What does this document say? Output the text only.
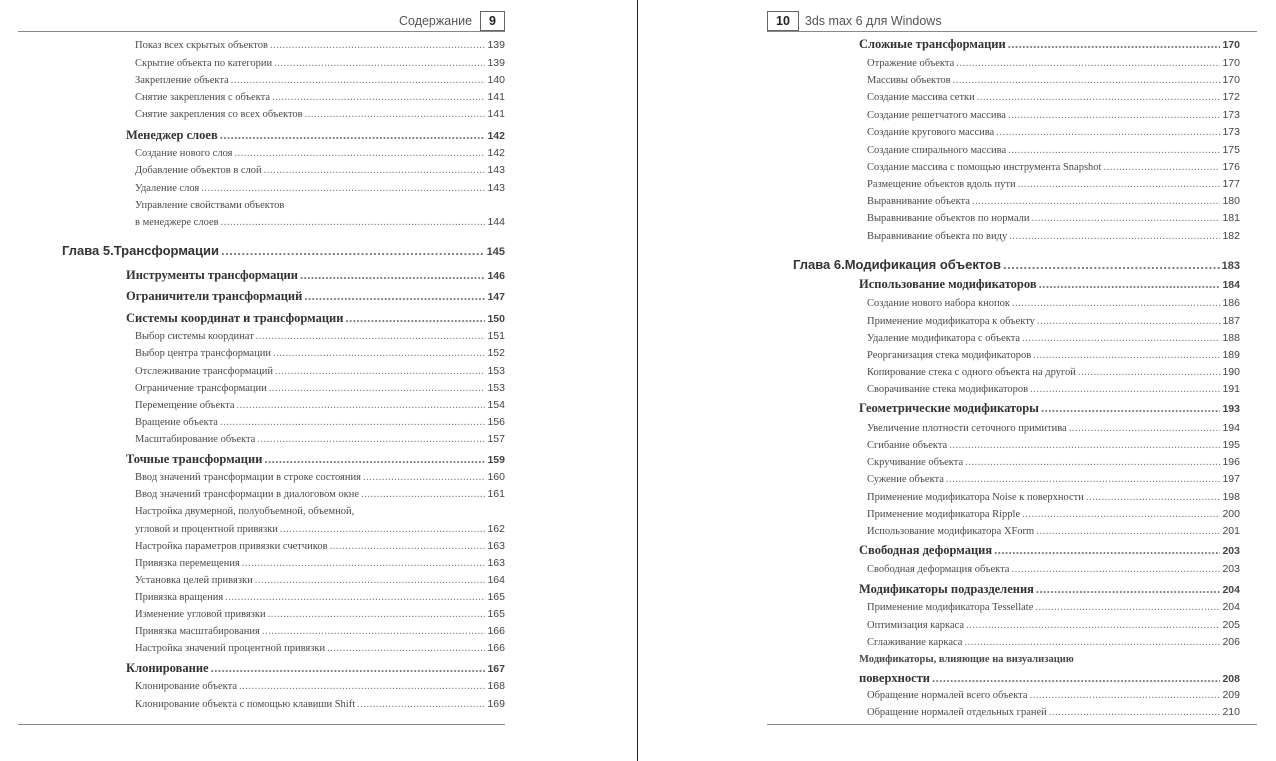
Содержание	9
Показ всех скрытых объектов .....	139
Скрытие объекта по категории .....	139
Закрепление объекта .....	140
Снятие закрепления с объекта .....	141
Снятие закрепления со всех объектов .....	141
Менеджер слоев .....	142
Создание нового слоя .....	142
Добавление объектов в слой .....	143
Удаление слоя .....	143
Управление свойствами объектов
в менеджере слоев .....	144
Глава 5. Трансформации .....	145
Инструменты трансформации .....	146
Ограничители трансформаций .....	147
Системы координат и трансформации .....	150
Выбор системы координат .....	151
Выбор центра трансформации .....	152
Отслеживание трансформаций .....	153
Ограничение трансформации .....	153
Перемещение объекта .....	154
Вращение объекта .....	156
Масштабирование объекта .....	157
Точные трансформации .....	159
Ввод значений трансформации в строке состояния .....	160
Ввод значений трансформации в диалоговом окне .....	161
Настройка двумерной, полуобъемной, объемной,
угловой и процентной привязки .....	162
Настройка параметров привязки счетчиков .....	163
Привязка перемещения .....	163
Установка целей привязки .....	164
Привязка вращения .....	165
Изменение угловой привязки .....	165
Привязка масштабирования .....	166
Настройка значений процентной привязки .....	166
Клонирование .....	167
Клонирование объекта .....	168
Клонирование объекта с помощью клавиши Shift .....	169
10	3ds max 6 для Windows
Сложные трансформации .....	170
Отражение объекта .....	170
Массивы объектов .....	170
Создание массива сетки .....	172
Создание решетчатого массива .....	173
Создание кругового массива .....	173
Создание спирального массива .....	175
Создание массива с помощью инструмента Snapshot .....	176
Размещение объектов вдоль пути .....	177
Выравнивание объекта .....	180
Выравнивание объектов по нормали .....	181
Выравнивание объекта по виду .....	182
Глава 6. Модификация объектов .....	183
Использование модификаторов .....	184
Создание нового набора кнопок .....	186
Применение модификатора к объекту .....	187
Удаление модификатора с объекта .....	188
Реорганизация стека модификаторов .....	189
Копирование стека с одного объекта на другой .....	190
Сворачивание стека модификаторов .....	191
Геометрические модификаторы .....	193
Увеличение плотности сеточного примитива .....	194
Сгибание объекта .....	195
Скручивание объекта .....	196
Сужение объекта .....	197
Применение модификатора Noise к поверхности .....	198
Применение модификатора Ripple .....	200
Использование модификатора XForm .....	201
Свободная деформация .....	203
Свободная деформация объекта .....	203
Модификаторы подразделения .....	204
Применение модификатора Tessellate .....	204
Оптимизация каркаса .....	205
Сглаживание каркаса .....	206
Модификаторы, влияющие на визуализацию
поверхности .....	208
Обращение нормалей всего объекта .....	209
Обращение нормалей отдельных граней .....	210
